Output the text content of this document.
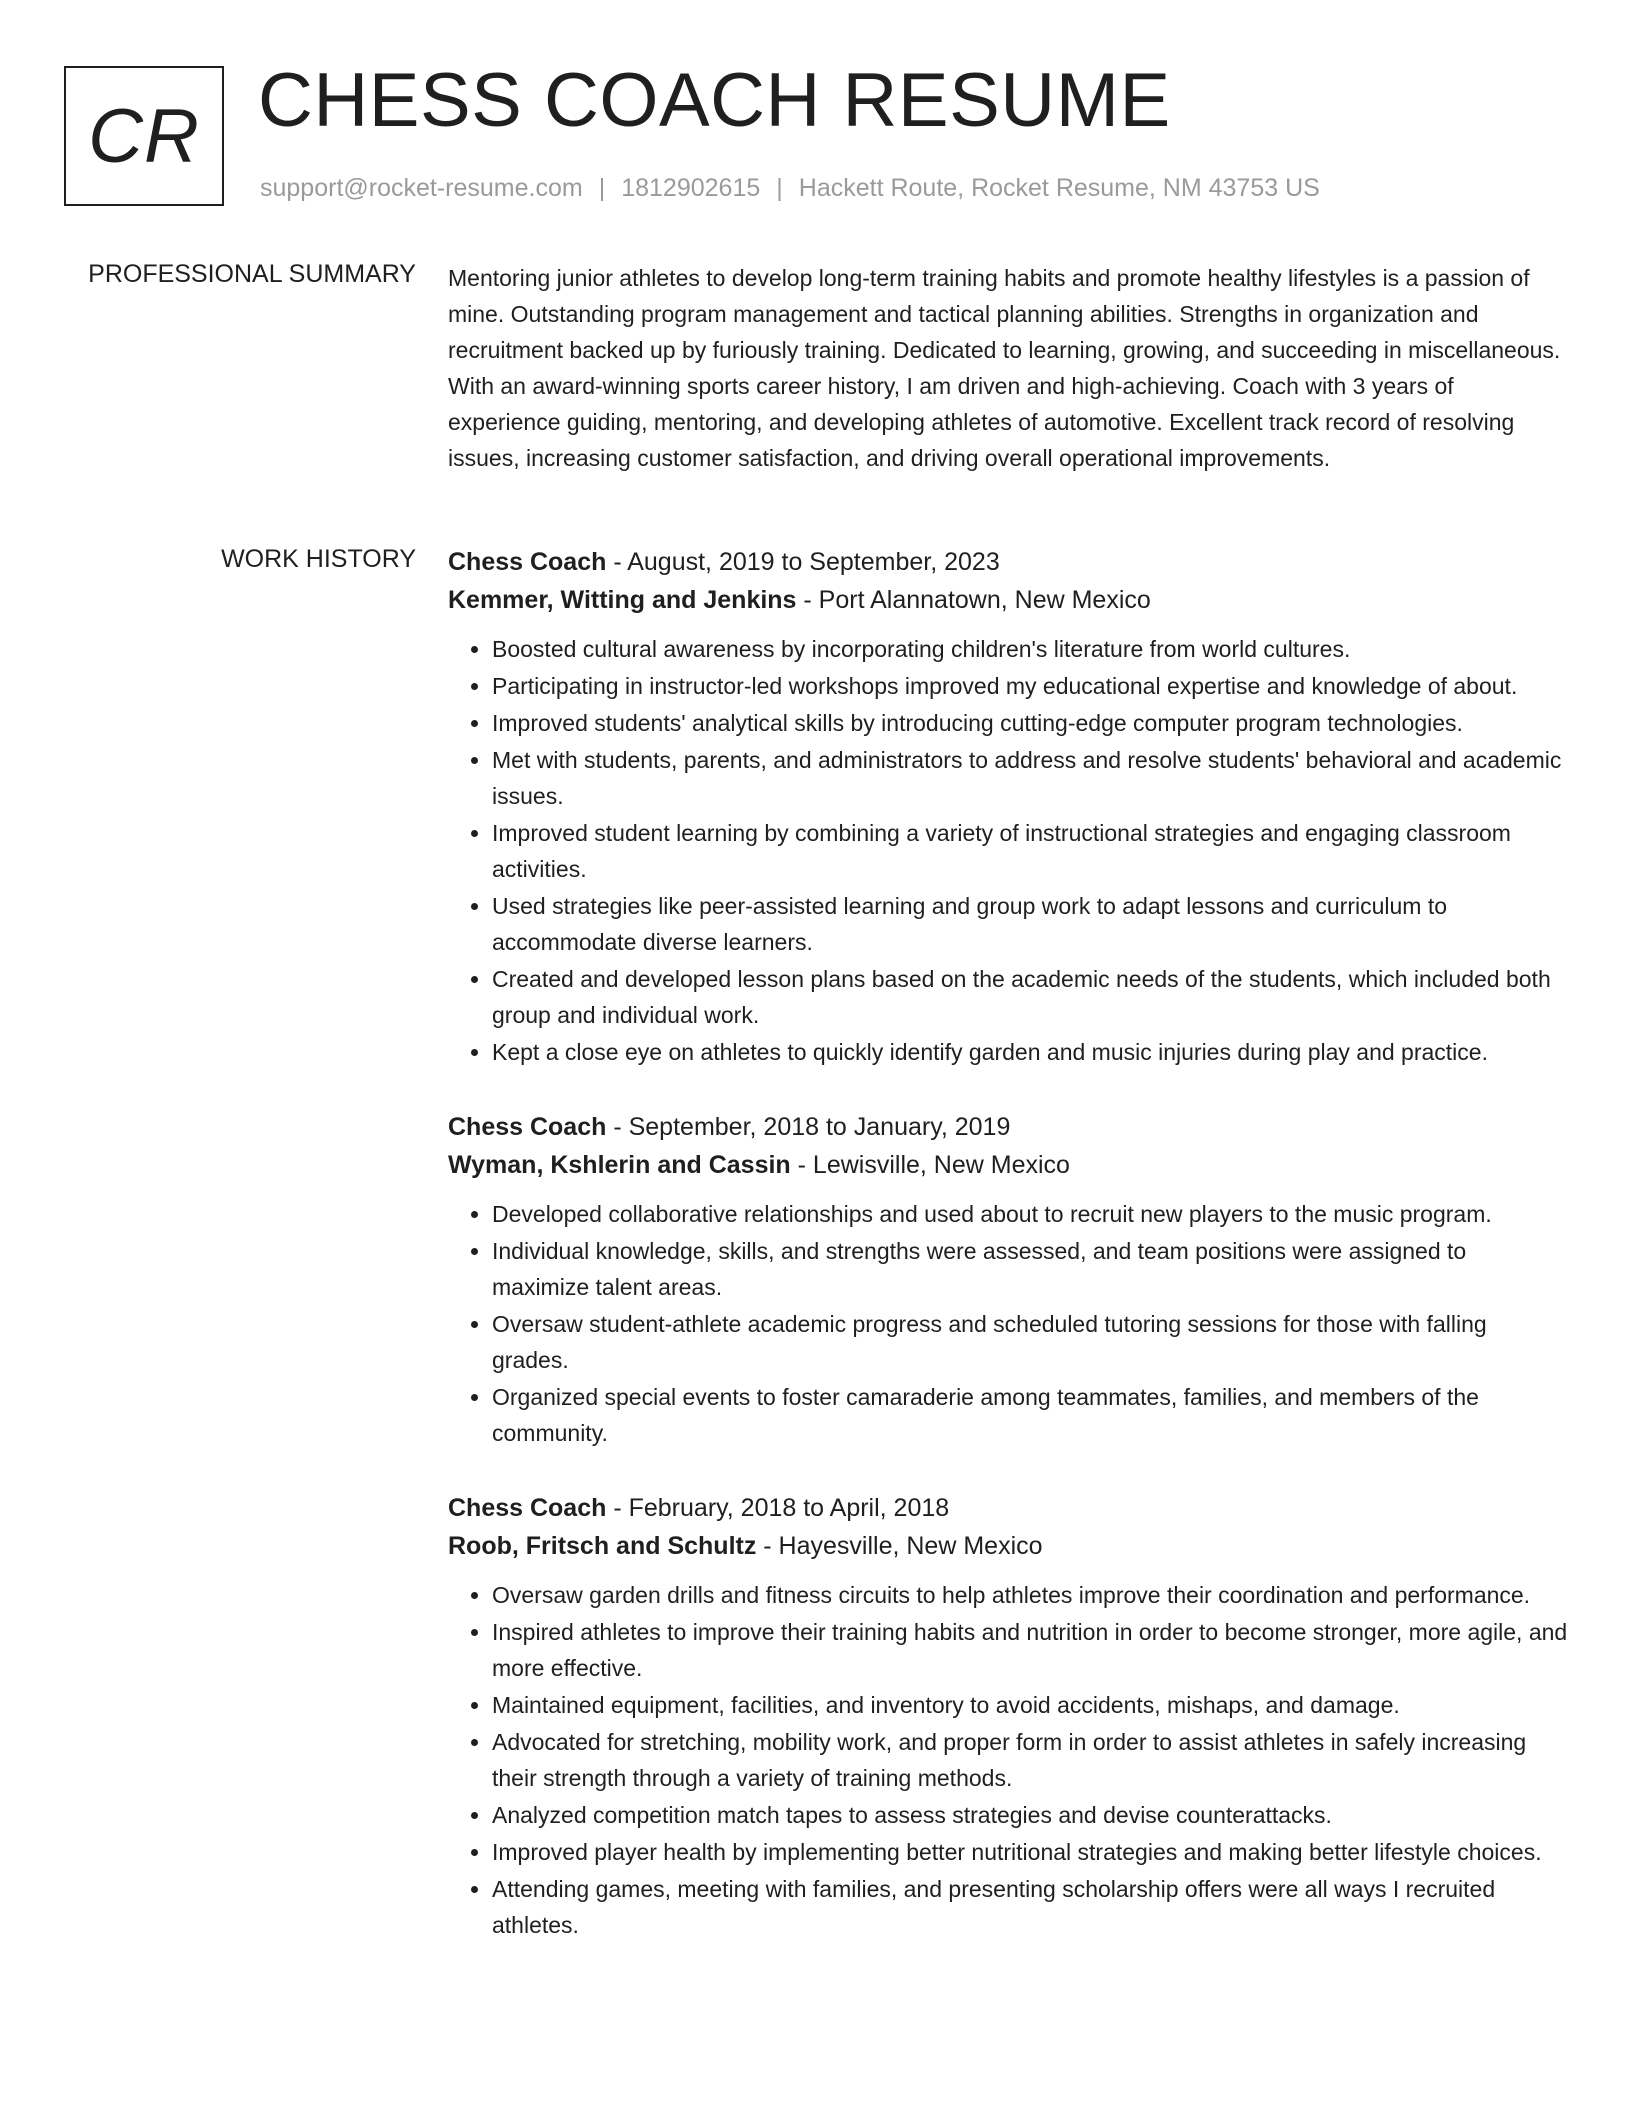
CR CHESS COACH RESUME
support@rocket-resume.com | 1812902615 | Hackett Route, Rocket Resume, NM 43753 US
PROFESSIONAL SUMMARY Mentoring junior athletes to develop long-term training habits and promote healthy lifestyles is a passion of mine. Outstanding program management and tactical planning abilities. Strengths in organization and recruitment backed up by furiously training. Dedicated to learning, growing, and succeeding in miscellaneous. With an award-winning sports career history, I am driven and high-achieving. Coach with 3 years of experience guiding, mentoring, and developing athletes of automotive. Excellent track record of resolving issues, increasing customer satisfaction, and driving overall operational improvements.

WORK HISTORY Chess Coach - August, 2019 to September, 2023
Kemmer, Witting and Jenkins - Port Alannatown, New Mexico
• Boosted cultural awareness by incorporating children's literature from world cultures.
• Participating in instructor-led workshops improved my educational expertise and knowledge of about.
• Improved students' analytical skills by introducing cutting-edge computer program technologies.
• Met with students, parents, and administrators to address and resolve students' behavioral and academic issues.
• Improved student learning by combining a variety of instructional strategies and engaging classroom activities.
• Used strategies like peer-assisted learning and group work to adapt lessons and curriculum to accommodate diverse learners.
• Created and developed lesson plans based on the academic needs of the students, which included both group and individual work.
• Kept a close eye on athletes to quickly identify garden and music injuries during play and practice.
Chess Coach - September, 2018 to January, 2019
Wyman, Kshlerin and Cassin - Lewisville, New Mexico
• Developed collaborative relationships and used about to recruit new players to the music program.
• Individual knowledge, skills, and strengths were assessed, and team positions were assigned to maximize talent areas.
• Oversaw student-athlete academic progress and scheduled tutoring sessions for those with falling grades.
• Organized special events to foster camaraderie among teammates, families, and members of the community.
Chess Coach - February, 2018 to April, 2018
Roob, Fritsch and Schultz - Hayesville, New Mexico
• Oversaw garden drills and fitness circuits to help athletes improve their coordination and performance.
• Inspired athletes to improve their training habits and nutrition in order to become stronger, more agile, and more effective.
• Maintained equipment, facilities, and inventory to avoid accidents, mishaps, and damage.
• Advocated for stretching, mobility work, and proper form in order to assist athletes in safely increasing their strength through a variety of training methods.
• Analyzed competition match tapes to assess strategies and devise counterattacks.
• Improved player health by implementing better nutritional strategies and making better lifestyle choices.
• Attending games, meeting with families, and presenting scholarship offers were all ways I recruited athletes.
